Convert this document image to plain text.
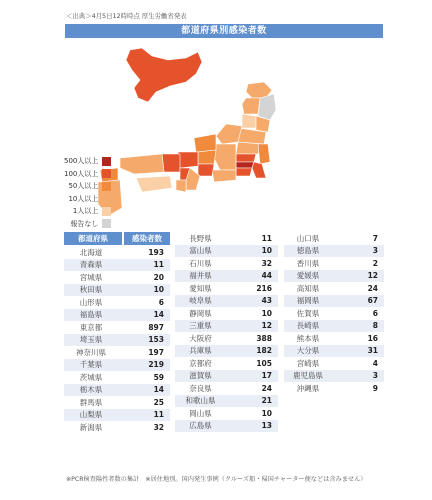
＜出典＞4月5日12時時点 厚生労働省発表
都道府県別感染者数
500人以上
100人以上
50人以上
10人以上
1人以上
報告なし
都道府県	感染者数
北海道	193
青森県	11
宮城県	20
秋田県	10
山形県	6
福島県	14
東京都	897
埼玉県	153
神奈川県	197
千葉県	219
茨城県	59
栃木県	14
群馬県	25
山梨県	11
新潟県	32
長野県	11
富山県	10
石川県	32
福井県	44
愛知県	216
岐阜県	43
静岡県	10
三重県	12
大阪府	388
兵庫県	182
京都府	105
滋賀県	17
奈良県	24
和歌山県	21
岡山県	10
広島県	13
山口県	7
徳島県	3
香川県	2
愛媛県	12
高知県	24
福岡県	67
佐賀県	6
長崎県	8
熊本県	16
大分県	31
宮崎県	4
鹿児島県	3
沖縄県	9
※PCR検査陽性者数の集計　※居住地別。国内発生事例（クルーズ船・帰国チャーター便などは含みません）
